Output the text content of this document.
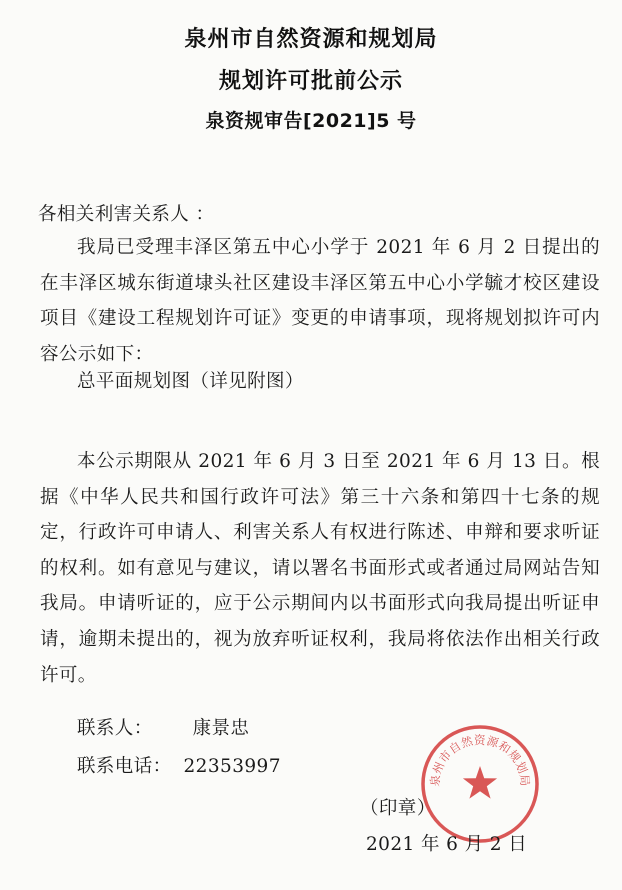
泉州市自然资源和规划局
规划许可批前公示
泉资规审告[2021]5 号
各相关利害关系人 ：

我局已受理丰泽区第五中心小学于 2021 年 6 月 2 日提出的在丰泽区城东街道埭头社区建设丰泽区第五中心小学毓才校区建设项目《建设工程规划许可证》变更的申请事项，现将规划拟许可内容公示如下：

总平面规划图（详见附图）

本公示期限从 2021 年 6 月 3 日至 2021 年 6 月 13 日。根据《中华人民共和国行政许可法》第三十六条和第四十七条的规定，行政许可申请人、利害关系人有权进行陈述、申辩和要求听证的权利。如有意见与建议，请以署名书面形式或者通过局网站告知我局。申请听证的，应于公示期间内以书面形式向我局提出听证申请，逾期未提出的，视为放弃听证权利，我局将依法作出相关行政许可。

联系人： 康景忠
联系电话： 22353997
泉州市自然资源和规划局
（印章）
2021 年 6 月 2 日
